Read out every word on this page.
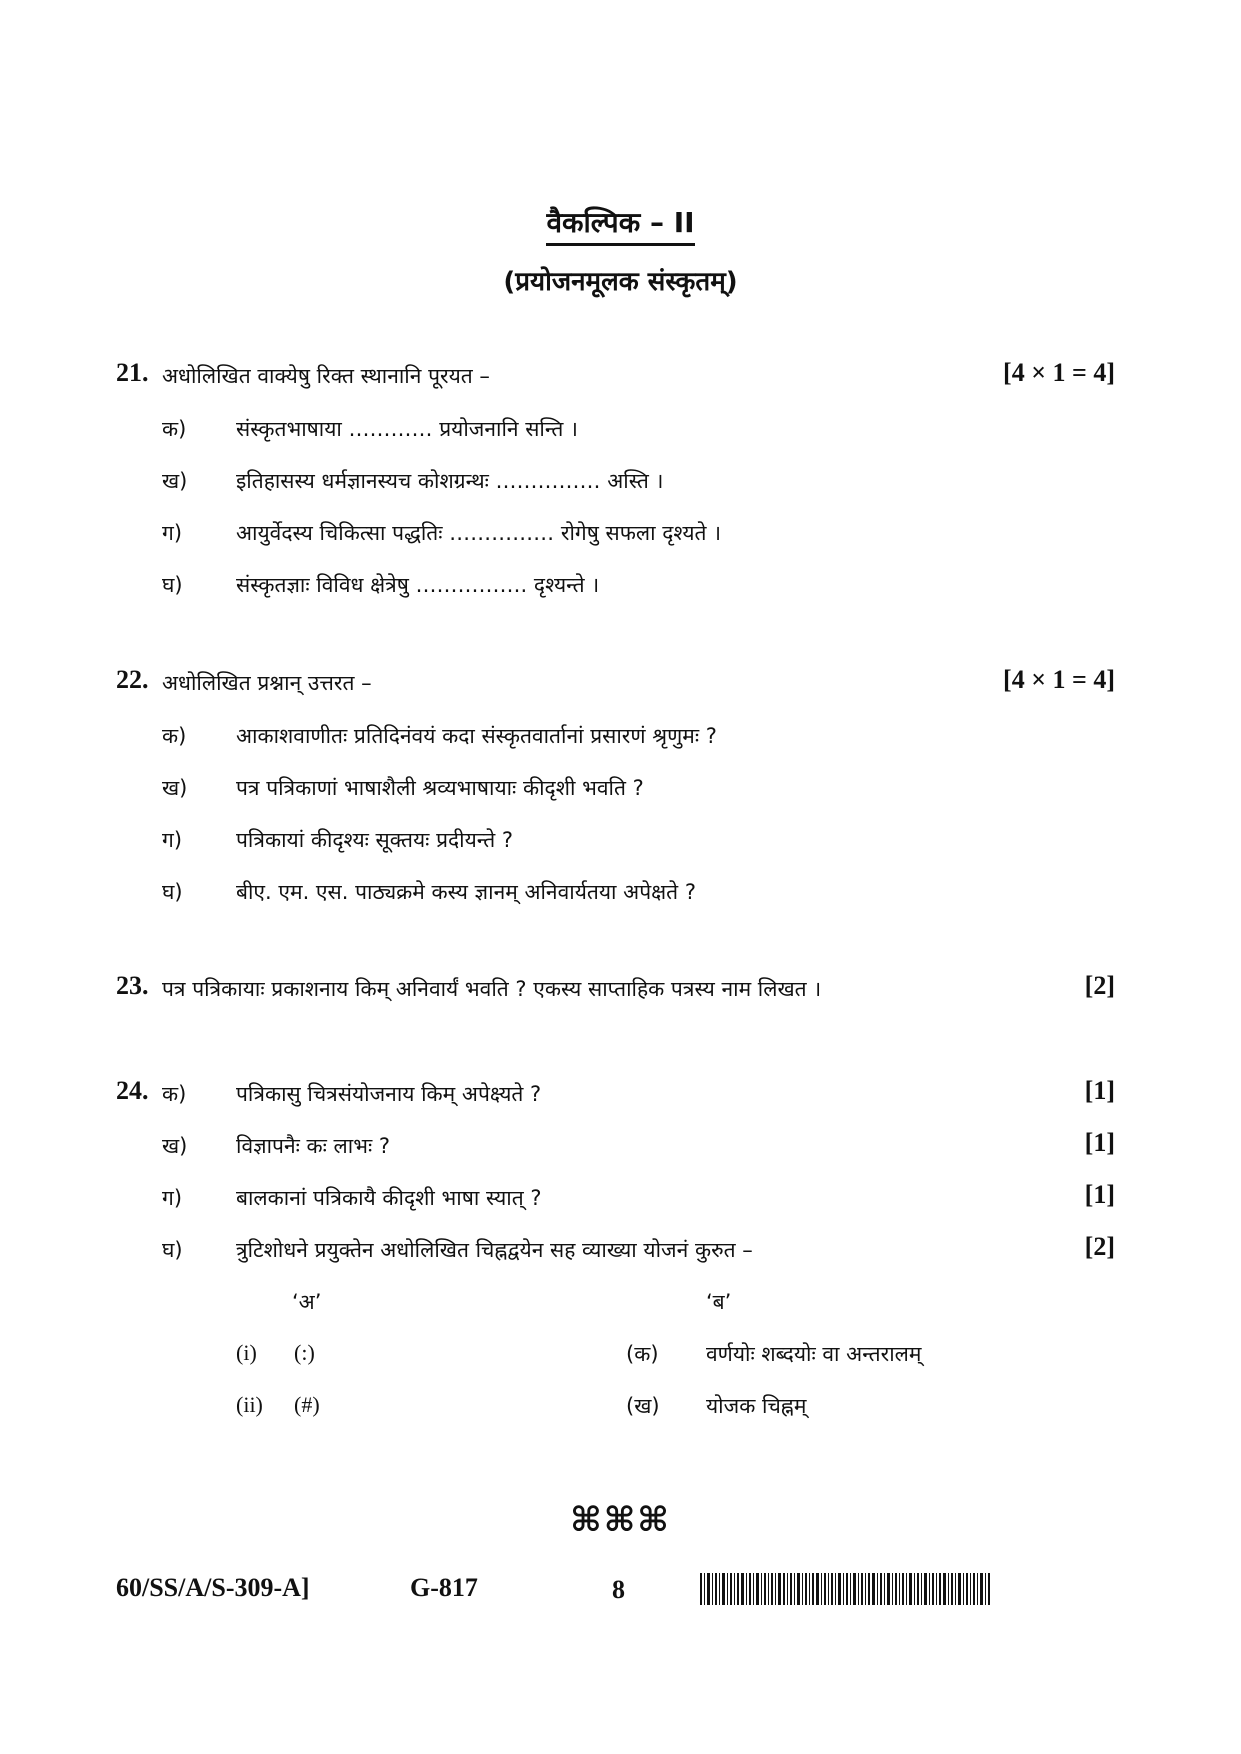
वैकल्पिक – II
(प्रयोजनमूलक संस्कृतम्)
21. अधोलिखित वाक्येषु रिक्त स्थानानि पूरयत –	[4 × 1 = 4]
क) संस्कृतभाषाया ………… प्रयोजनानि सन्ति ।
ख) इतिहासस्य धर्मज्ञानस्यच कोशग्रन्थः …………… अस्ति ।
ग)	आयुर्वेदस्य चिकित्सा पद्धतिः …………… रोगेषु सफला दृश्यते ।
घ)	संस्कृतज्ञाः विविध क्षेत्रेषु ……………. दृश्यन्ते ।
22. अधोलिखित प्रश्नान् उत्तरत –	[4 × 1 = 4]
क) आकाशवाणीतः प्रतिदिनंवयं कदा संस्कृतवार्तानां प्रसारणं श्रृणुमः ?
ख) पत्र पत्रिकाणां भाषाशैली श्रव्यभाषायाः कीदृशी भवति ?
ग)	पत्रिकायां कीदृश्यः सूक्तयः प्रदीयन्ते ?
घ)	बीए. एम. एस. पाठ्यक्रमे कस्य ज्ञानम् अनिवार्यतया अपेक्षते ?
23. पत्र पत्रिकायाः प्रकाशनाय किम् अनिवार्यं भवति ? एकस्य साप्ताहिक पत्रस्य नाम लिखत ।	[2]
24. क) पत्रिकासु चित्रसंयोजनाय किम् अपेक्ष्यते ?	[1]
ख) विज्ञापनैः कः लाभः ?	[1]
ग)	बालकानां पत्रिकायै कीदृशी भाषा स्यात् ?	[1]
घ)	त्रुटिशोधने प्रयुक्तेन अधोलिखित चिह्नद्वयेन सह व्याख्या योजनं कुरुत –	[2]
‘अ’	‘ब’
(i) (:)	(क) वर्णयोः शब्दयोः वा अन्तरालम्
(ii) (#)	(ख) योजक चिह्नम्
⌘⌘⌘
60/SS/A/S-309-A]	G-817	8
